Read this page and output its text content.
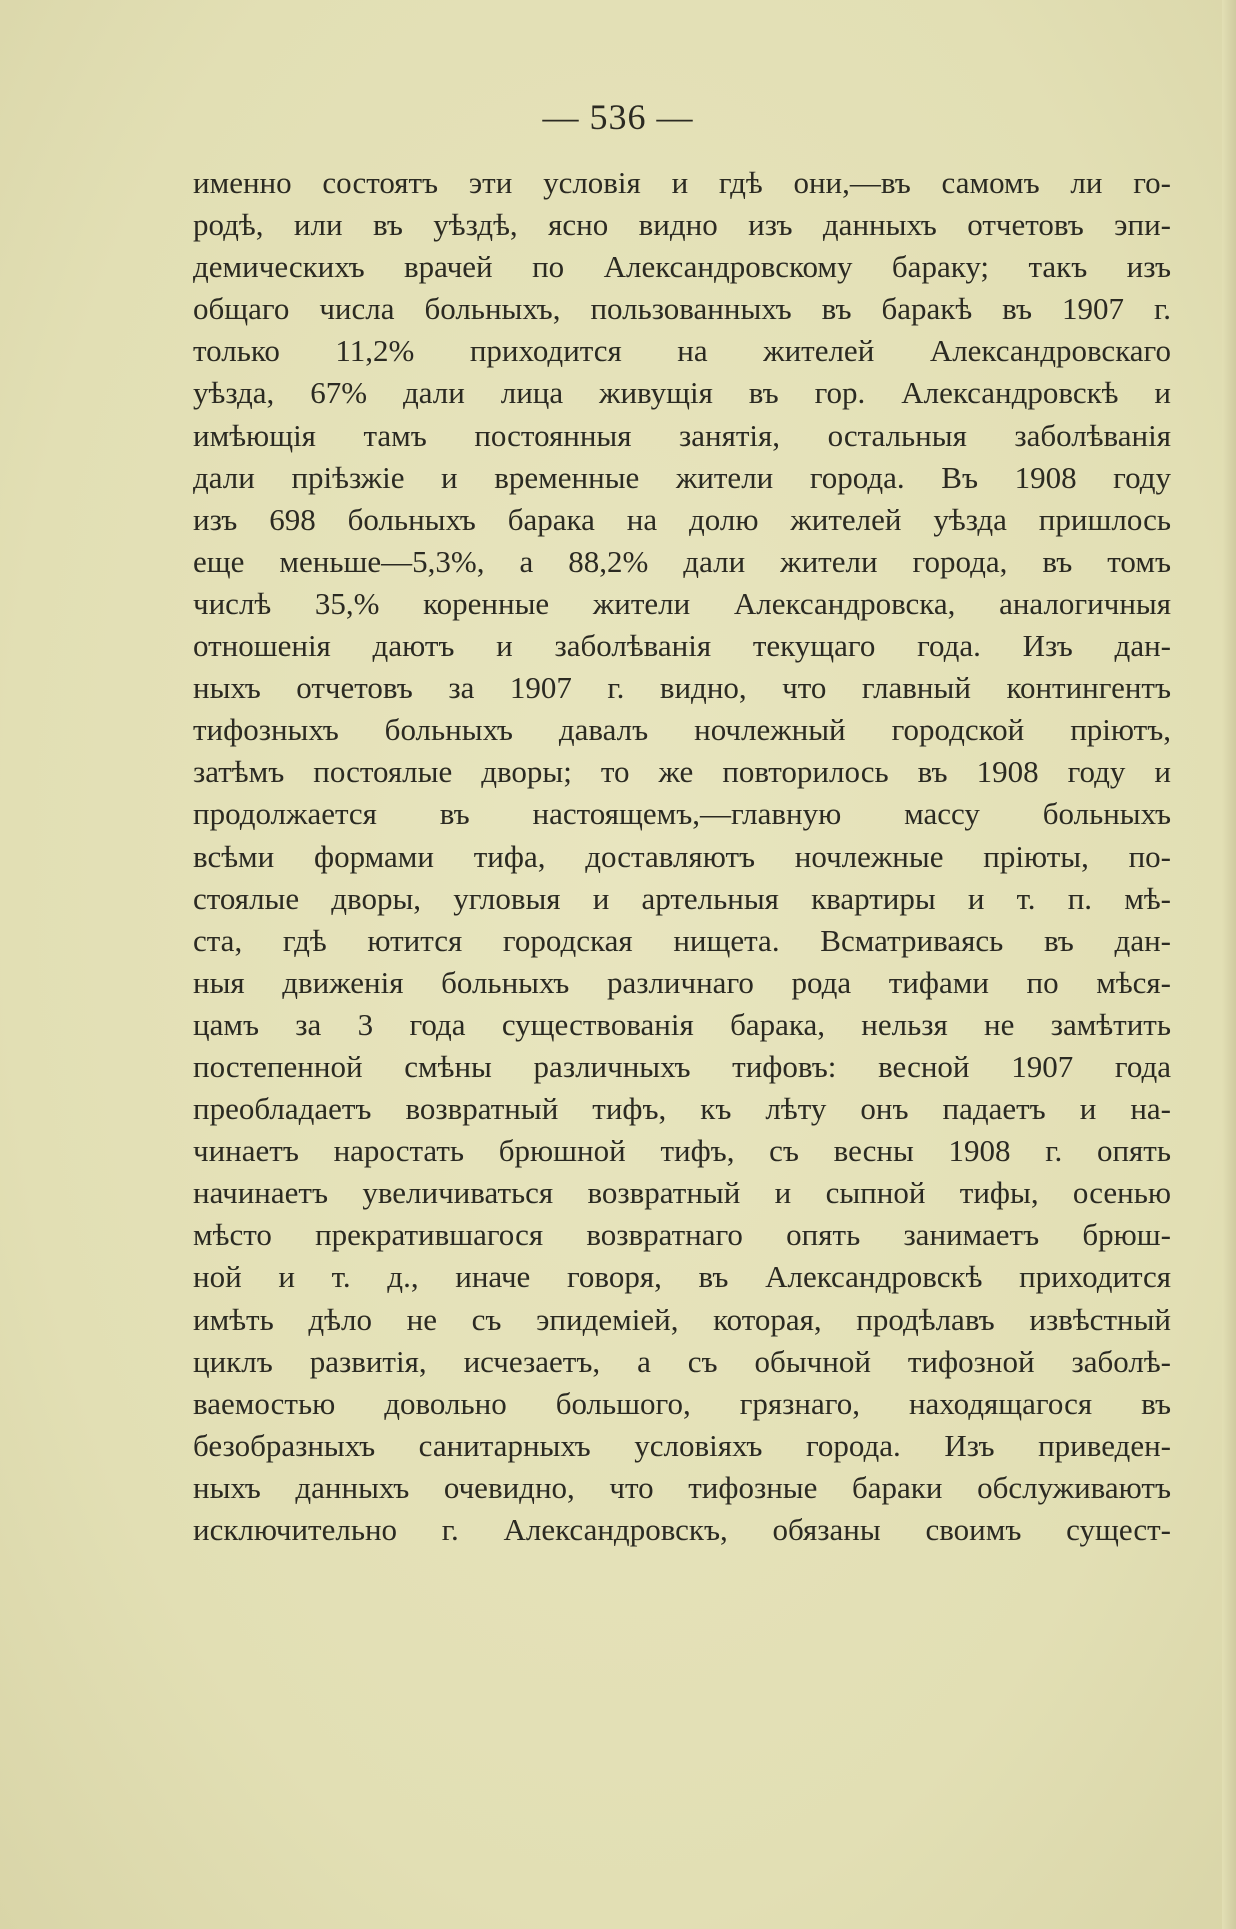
— 536 —
именно состоятъ эти условія и гдѣ они,—въ самомъ ли го-
родѣ, или въ уѣздѣ, ясно видно изъ данныхъ отчетовъ эпи-
демическихъ врачей по Александровскому бараку; такъ изъ
общаго числа больныхъ, пользованныхъ въ баракѣ въ 1907 г.
только 11,2% приходится на жителей Александровскаго
уѣзда, 67% дали лица живущія въ гор. Александровскѣ и
имѣющія тамъ постоянныя занятія, остальныя заболѣванія
дали пріѣзжіе и временные жители города. Въ 1908 году
изъ 698 больныхъ барака на долю жителей уѣзда пришлось
еще меньше—5,3%, а 88,2% дали жители города, въ томъ
числѣ 35,% коренные жители Александровска, аналогичныя
отношенія даютъ и заболѣванія текущаго года. Изъ дан-
ныхъ отчетовъ за 1907 г. видно, что главный контингентъ
тифозныхъ больныхъ давалъ ночлежный городской пріютъ,
затѣмъ постоялые дворы; то же повторилось въ 1908 году и
продолжается въ настоящемъ,—главную массу больныхъ
всѣми формами тифа, доставляютъ ночлежные пріюты, по-
стоялые дворы, угловыя и артельныя квартиры и т. п. мѣ-
ста, гдѣ ютится городская нищета. Всматриваясь въ дан-
ныя движенія больныхъ различнаго рода тифами по мѣся-
цамъ за 3 года существованія барака, нельзя не замѣтить
постепенной смѣны различныхъ тифовъ: весной 1907 года
преобладаетъ возвратный тифъ, къ лѣту онъ падаетъ и на-
чинаетъ наростать брюшной тифъ, съ весны 1908 г. опять
начинаетъ увеличиваться возвратный и сыпной тифы, осенью
мѣсто прекратившагося возвратнаго опять занимаетъ брюш-
ной и т. д., иначе говоря, въ Александровскѣ приходится
имѣть дѣло не съ эпидеміей, которая, продѣлавъ извѣстный
циклъ развитія, исчезаетъ, а съ обычной тифозной заболѣ-
ваемостью довольно большого, грязнаго, находящагося въ
безобразныхъ санитарныхъ условіяхъ города. Изъ приведен-
ныхъ данныхъ очевидно, что тифозные бараки обслуживаютъ
исключительно г. Александровскъ, обязаны своимъ сущест-
